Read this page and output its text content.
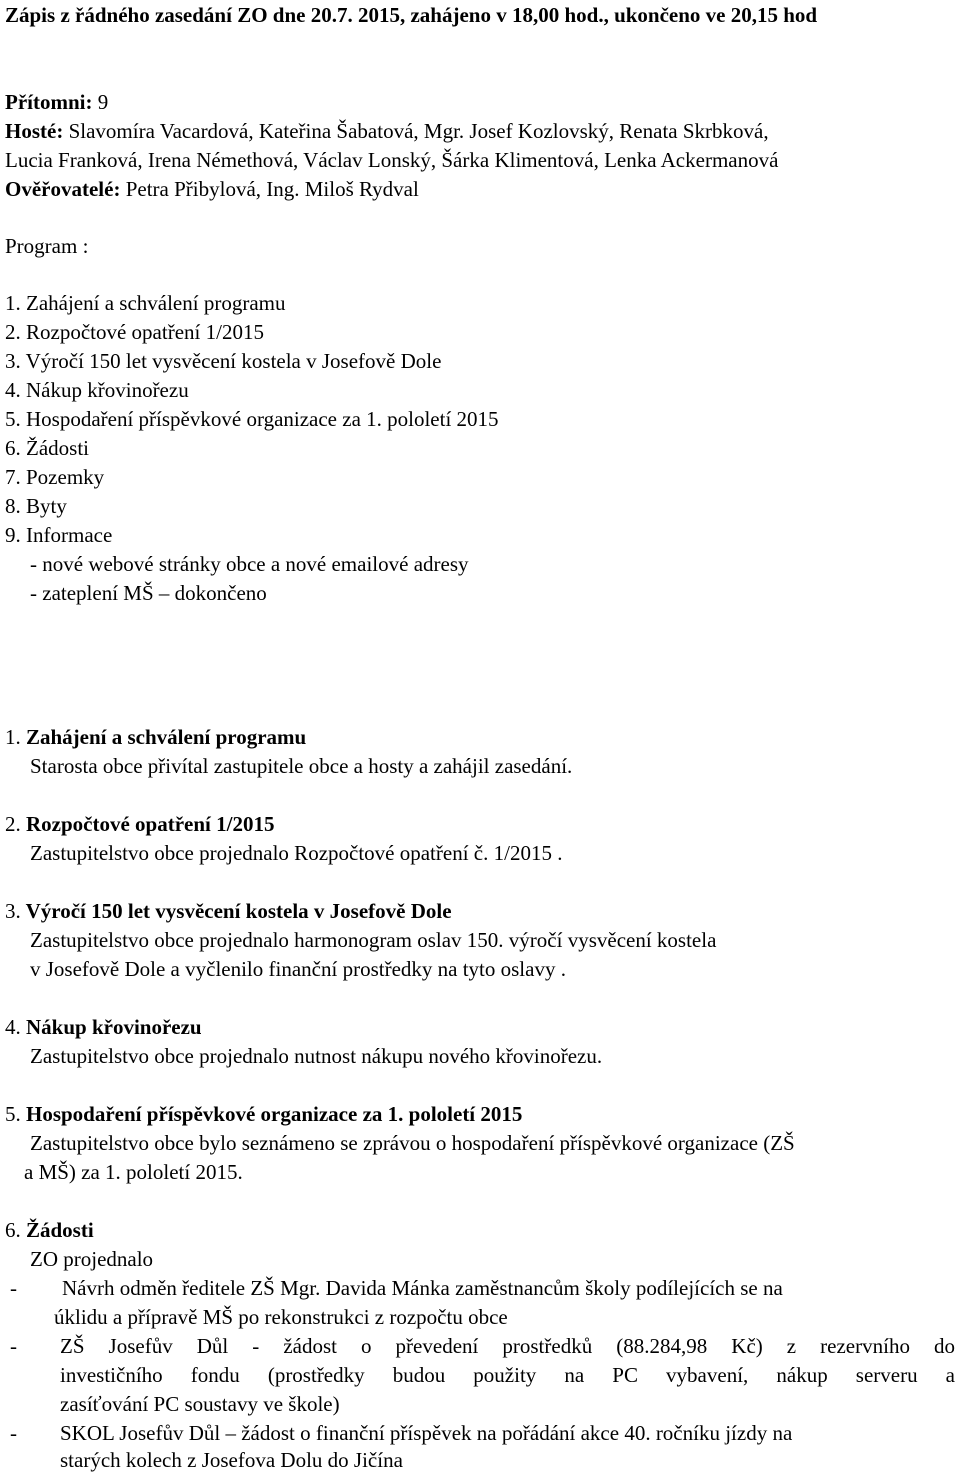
Zápis z řádného zasedání ZO dne 20.7. 2015, zahájeno v 18,00 hod., ukončeno ve 20,15 hod
Přítomni: 9
Hosté: Slavomíra Vacardová, Kateřina Šabatová, Mgr. Josef Kozlovský, Renata Skrbková,
Lucia Franková, Irena Némethová, Václav Lonský, Šárka Klimentová, Lenka Ackermanová
Ověřovatelé: Petra Přibylová, Ing. Miloš Rydval
Program :
1. Zahájení a schválení programu
2. Rozpočtové opatření 1/2015
3. Výročí 150 let vysvěcení kostela v Josefově Dole
4. Nákup křovinořezu
5. Hospodaření příspěvkové organizace za 1. pololetí 2015
6. Žádosti
7. Pozemky
8. Byty
9. Informace
- nové webové stránky obce a nové emailové adresy
- zateplení MŠ – dokončeno
1. Zahájení a schválení programu
Starosta obce přivítal zastupitele obce a hosty a zahájil zasedání.
2. Rozpočtové opatření 1/2015
Zastupitelstvo obce projednalo Rozpočtové opatření č. 1/2015 .
3. Výročí 150 let vysvěcení kostela v Josefově Dole
Zastupitelstvo obce projednalo harmonogram oslav 150. výročí vysvěcení kostela
v Josefově Dole a vyčlenilo finanční prostředky na tyto oslavy .
4. Nákup křovinořezu
Zastupitelstvo obce projednalo nutnost nákupu nového křovinořezu.
5. Hospodaření příspěvkové organizace za 1. pololetí 2015
Zastupitelstvo obce bylo seznámeno se zprávou o hospodaření příspěvkové organizace (ZŠ
a MŠ) za 1. pololetí 2015.
6. Žádosti
ZO projednalo
- Návrh odměn ředitele ZŠ Mgr. Davida Mánka zaměstnancům školy podílejících se na
úklidu a přípravě MŠ po rekonstrukci z rozpočtu obce
- ZŠ Josefův Důl - žádost o převedení prostředků (88.284,98 Kč) z rezervního do
investičního fondu (prostředky budou použity na PC vybavení, nákup serveru a
zasíťování PC soustavy ve škole)
- SKOL Josefův Důl – žádost o finanční příspěvek na pořádání akce 40. ročníku jízdy na
starých kolech z Josefova Dolu do Jičína
